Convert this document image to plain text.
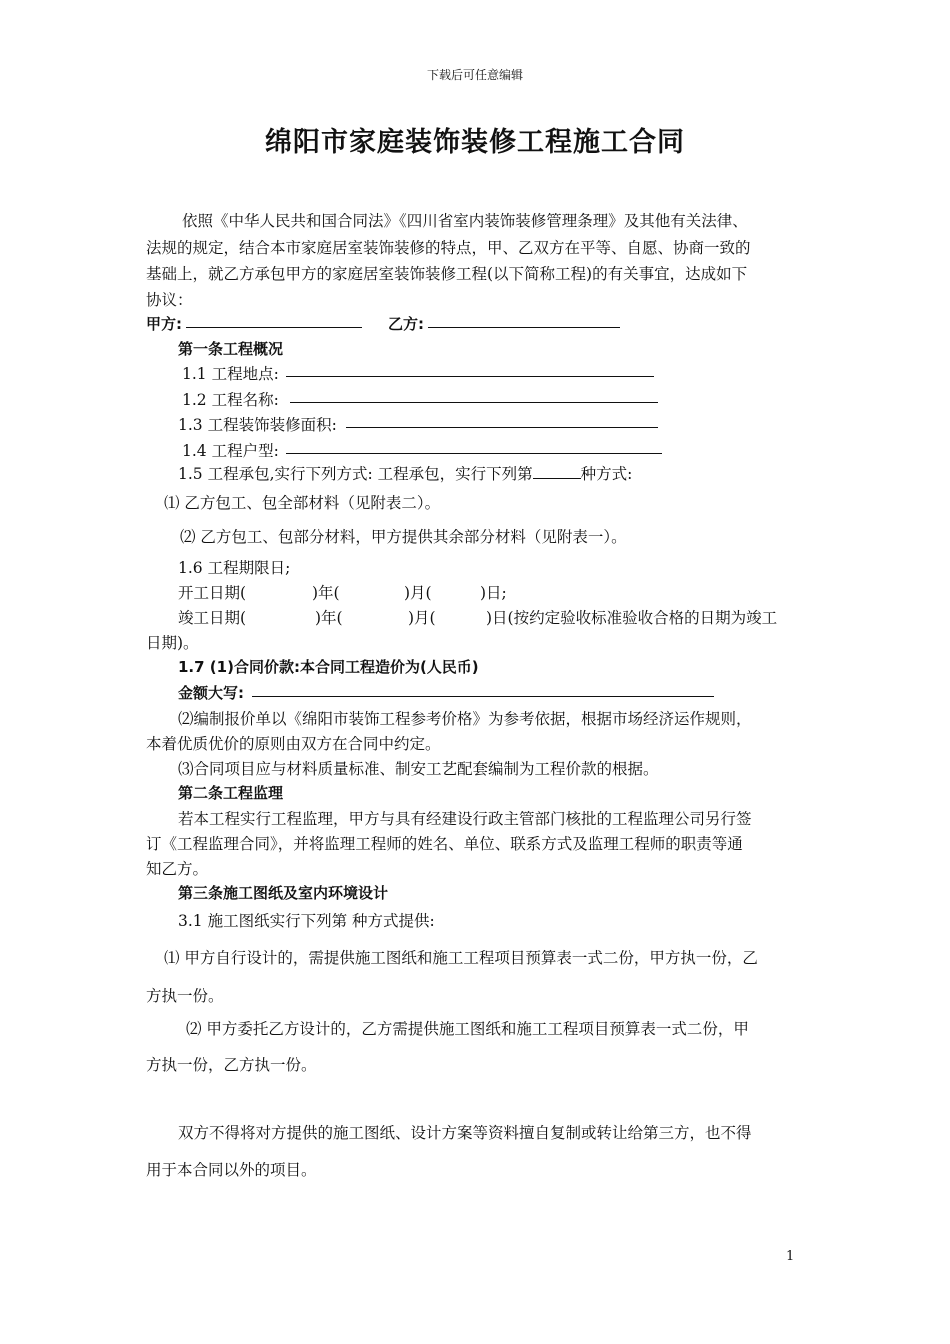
下载后可任意编辑
绵阳市家庭装饰装修工程施工合同
依照《中华人民共和国合同法》《四川省室内装饰装修管理条理》及其他有关法律、
法规的规定，结合本市家庭居室装饰装修的特点，甲、乙双方在平等、自愿、协商一致的
基础上，就乙方承包甲方的家庭居室装饰装修工程(以下简称工程)的有关事宜，达成如下
协议：
甲方:	乙方:
第一条工程概况
1.1 工程地点:
1.2 工程名称:
1.3 工程装饰装修面积:
1.4 工程户型:
1.5 工程承包,实行下列方式: 工程承包，实行下列第	种方式:
⑴ 乙方包工、包全部材料（见附表二）。
⑵ 乙方包工、包部分材料，甲方提供其余部分材料（见附表一）。
1.6 工程期限日;
开工日期(	)年(	)月(	)日;
竣工日期(	)年(	)月(	)日(按约定验收标准验收合格的日期为竣工
日期)。
1.7 (1)合同价款:本合同工程造价为(人民币)
金额大写:
⑵编制报价单以《绵阳市装饰工程参考价格》为参考依据，根据市场经济运作规则，
本着优质优价的原则由双方在合同中约定。
⑶合同项目应与材料质量标准、制安工艺配套编制为工程价款的根据。
第二条工程监理
若本工程实行工程监理，甲方与具有经建设行政主管部门核批的工程监理公司另行签
订《工程监理合同》，并将监理工程师的姓名、单位、联系方式及监理工程师的职责等通
知乙方。
第三条施工图纸及室内环境设计
3.1 施工图纸实行下列第 种方式提供:
⑴ 甲方自行设计的，需提供施工图纸和施工工程项目预算表一式二份，甲方执一份，乙
方执一份。
⑵ 甲方委托乙方设计的，乙方需提供施工图纸和施工工程项目预算表一式二份，甲
方执一份，乙方执一份。
双方不得将对方提供的施工图纸、设计方案等资料擅自复制或转让给第三方，也不得
用于本合同以外的项目。
1
